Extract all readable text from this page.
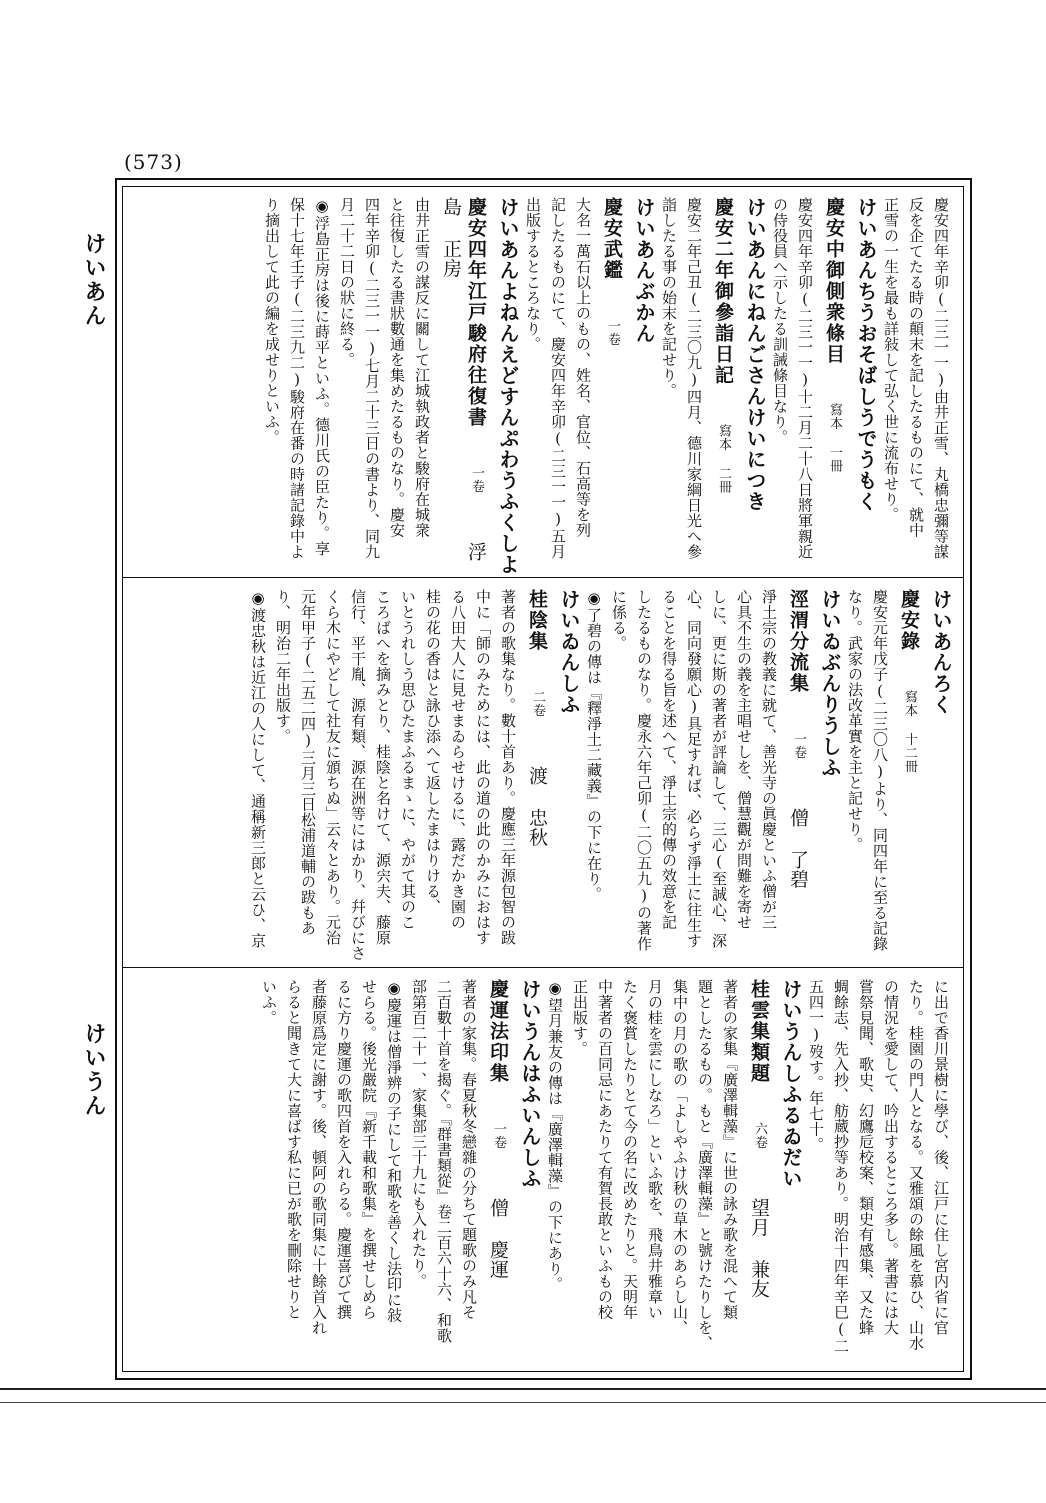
(573)
けいあん
けいうん
慶安四年辛卯(二三一一)由井正雪、丸橋忠彌等謀
反を企てたる時の顛末を記したるものにて、就中
正雪の一生を最も詳敍して弘く世に流布せり。
けいあんちうおそばしうでうもく
慶安中御側衆條目　寫本 一冊
慶安四年辛卯(二三一一)十二月二十八日將軍親近
の侍役員へ示したる訓誡條目なり。
けいあんにねんごさんけいにつき
慶安二年御參詣日記　寫本 二冊
慶安二年己丑(二三〇九)四月、德川家綱日光へ參
詣したる事の始末を記せり。
けいあんぶかん
慶安武鑑　一卷
大名一萬石以上のもの、姓名、官位、石高等を列
記したるものにて、慶安四年辛卯(二三一一)五月
出版するところなり。
けいあんよねんえどすんぷわうふくしよ
慶安四年江戸駿府往復書　一卷　浮島 正房
由井正雪の謀反に關して江城執政者と駿府在城衆
と往復したる書狀數通を集めたるものなり。慶安
四年辛卯(二三一一)七月二十三日の書より、同九
月二十二日の狀に終る。
◉浮島正房は後に蒔平といふ。德川氏の臣たり。享
保十七年壬子(二三九二)駿府在番の時諸記錄中よ
り摘出して此の編を成せりといふ。
けいあんろく
慶安錄　寫本 十二冊
慶安元年戊子(二三〇八)より、同四年に至る記錄
なり。武家の法改革實を主と記せり。
けいゐぶんりうしふ
涇渭分流集　一卷　僧 了碧
淨土宗の教義に就て、善光寺の眞慶といふ僧が三
心具不生の義を主唱せしを、僧慧觀が問難を寄せ
しに、更に斯の著者が評論して、三心(至誠心、深
心、同向發願心)具足すれば、必らず淨土に往生す
ることを得る旨を述へて、淨土宗的傳の效意を記
したるものなり。慶永六年己卯(二〇五九)の著作
に係る。
◉了碧の傳は『釋淨土二藏義』の下に在り。
けいゐんしふ
桂陰集　二卷　渡 忠秋
著者の歌集なり。數十首あり。慶應三年源包智の跋
中に「師のみためには、此の道の此のかみにおはす
る八田大人に見せまゐらせけるに、露だかき園の
桂の花の香はと詠ひ添へて返したまはりける、
いとうれしう思ひたまふるまゝに、やがて其のこ
ころばへを摘みとり、桂陰と名けて、源宍夫、藤原
信行、平干胤、源有類、源在洲等にはかり、幷びにさ
くら木にやどして社友に頒ちぬ」云々とあり。元治
元年甲子(二五二四)三月三日松浦道輔の跋もあ
り、明治二年出版す。
◉渡忠秋は近江の人にして、通稱新三郎と云ひ、京
に出で香川景樹に學び、後、江戸に住し宮内省に官
たり。桂園の門人となる。又雅頌の餘風を慕ひ、山水
の情況を愛して、吟出するところ多し。著書には大
嘗祭見聞、歌史、幻鷹卮校案、類史有感集、又た蜂
蜩餘志、先入抄、舫蔵抄等あり。明治十四年辛巳(二
五四一)歿す。年七十。
けいうんしふるゐだい
桂雲集類題　六卷　望月 兼友
著者の家集『廣澤輯藻』に世の詠み歌を混へて類
題としたるもの。もと『廣澤輯藻』と號けたりしを、
集中の月の歌の「よしやふけ秋の草木のあらし山、
月の桂を雲にしなろ」といふ歌を、飛鳥井雅章い
たく褒賞したりとて今の名に改めたりと。天明年
中著者の百同忌にあたりて有賀長敢といふもの校
正出版す。
◉望月兼友の傳は『廣澤輯藻』の下にあり。
けいうんはふいんしふ
慶運法印集　一卷　僧 慶運
著者の家集。春夏秋冬戀雜の分ちて題歌のみ凡そ
二百數十首を揭ぐ。『群書類從』卷二百六十六、和歌
部第百二十一、家集部三十九にも入れたり。
◉慶運は僧淨辨の子にして和歌を善くし法印に敍
せらる。後光嚴院『新千載和歌集』を撰せしめら
るに方り慶運の歌四首を入れらる。慶運喜びて撰
者藤原爲定に謝す。後、頓阿の歌同集に十餘首入れ
らると聞きて大に喜ばす私に已が歌を刪除せりと
いふ。
